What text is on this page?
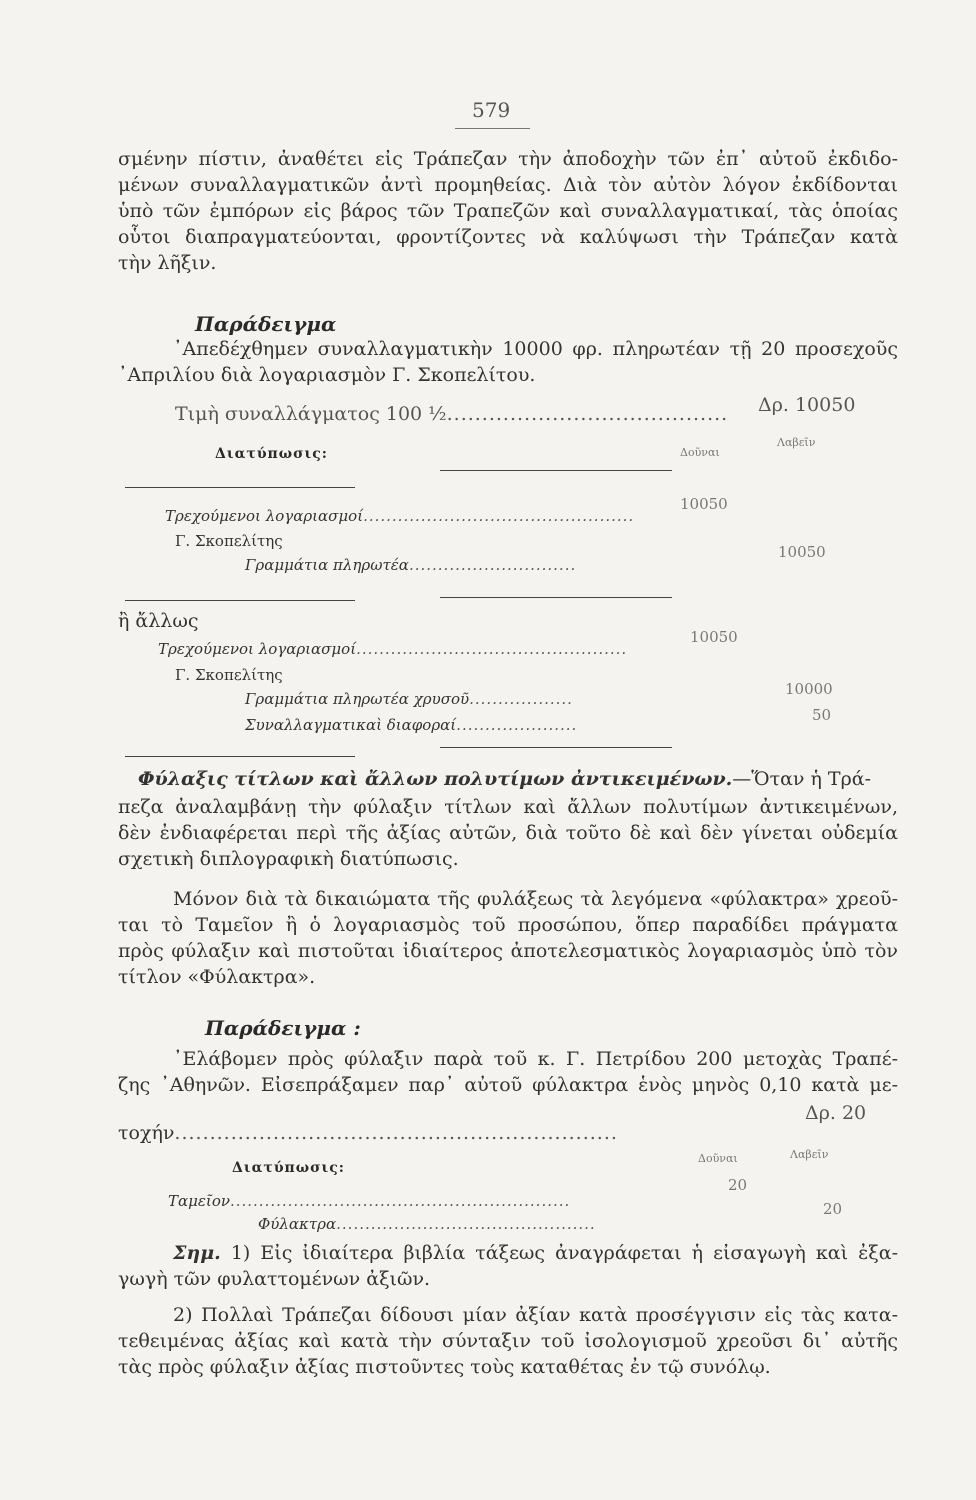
579
σμένην πίστιν, ἀναθέτει εἰς Τράπεζαν τὴν ἀποδοχὴν τῶν ἐπ᾽ αὐτοῦ ἐκδιδο-
μένων συναλλαγματικῶν ἀντὶ προμηθείας. Διὰ τὸν αὐτὸν λόγον ἐκδίδονται
ὑπὸ τῶν ἐμπόρων εἰς βάρος τῶν Τραπεζῶν καὶ συναλλαγματικαί, τὰς ὁποίας
οὗτοι διαπραγματεύονται, φροντίζοντες νὰ καλύψωσι τὴν Τράπεζαν κατὰ
τὴν λῆξιν.
Παράδειγμα
᾽Απεδέχθημεν συναλλαγματικὴν 10000 φρ. πληρωτέαν τῇ 20 προσεχοῦς
᾽Απριλίου διὰ λογαριασμὸν Γ. Σκοπελίτου.
Τιμὴ συναλλάγματος 100 ½........................................ Δρ. 10050
Διατύπωσις:	Δοῦναι
Λαβεῖν
Τρεχούμενοι λογαριασμοί...............................................
10050
Γ. Σκοπελίτης
Γραμμάτια πληρωτέα.............................
10050
ἢ ἄλλως
Τρεχούμενοι λογαριασμοί...............................................
10050
Γ. Σκοπελίτης
Γραμμάτια πληρωτέα χρυσοῦ..................
10000
Συναλλαγματικαὶ διαφοραί.....................
50
Φύλαξις τίτλων καὶ ἄλλων πολυτίμων ἀντικειμένων.—Ὅταν ἡ Τρά-
πεζα ἀναλαμβάνῃ τὴν φύλαξιν τίτλων καὶ ἄλλων πολυτίμων ἀντικειμένων,
δὲν ἐνδιαφέρεται περὶ τῆς ἀξίας αὐτῶν, διὰ τοῦτο δὲ καὶ δὲν γίνεται οὐδεμία
σχετικὴ διπλογραφικὴ διατύπωσις.
Μόνον διὰ τὰ δικαιώματα τῆς φυλάξεως τὰ λεγόμενα «φύλακτρα» χρεοῦ-
ται τὸ Ταμεῖον ἢ ὁ λογαριασμὸς τοῦ προσώπου, ὅπερ παραδίδει πράγματα
πρὸς φύλαξιν καὶ πιστοῦται ἰδιαίτερος ἀποτελεσματικὸς λογαριασμὸς ὑπὸ τὸν
τίτλον «Φύλακτρα».
Παράδειγμα :
᾽Ελάβομεν πρὸς φύλαξιν παρὰ τοῦ κ. Γ. Πετρίδου 200 μετοχὰς Τραπέ-
ζης ᾽Αθηνῶν. Εἰσεπράξαμεν παρ᾽ αὐτοῦ φύλακτρα ἑνὸς μηνὸς 0,10 κατὰ με-
τοχήν...............................................................
Δρ. 20
Διατύπωσις:
Δοῦναι	Λαβεῖν
Ταμεῖον...........................................................
20
Φύλακτρα.............................................
20
Σημ. 1) Εἰς ἰδιαίτερα βιβλία τάξεως ἀναγράφεται ἡ εἰσαγωγὴ καὶ ἐξα-
γωγὴ τῶν φυλαττομένων ἀξιῶν.
2) Πολλαὶ Τράπεζαι δίδουσι μίαν ἀξίαν κατὰ προσέγγισιν εἰς τὰς κατα-
τεθειμένας ἀξίας καὶ κατὰ τὴν σύνταξιν τοῦ ἰσολογισμοῦ χρεοῦσι δι᾽ αὐτῆς
τὰς πρὸς φύλαξιν ἀξίας πιστοῦντες τοὺς καταθέτας ἐν τῷ συνόλῳ.
